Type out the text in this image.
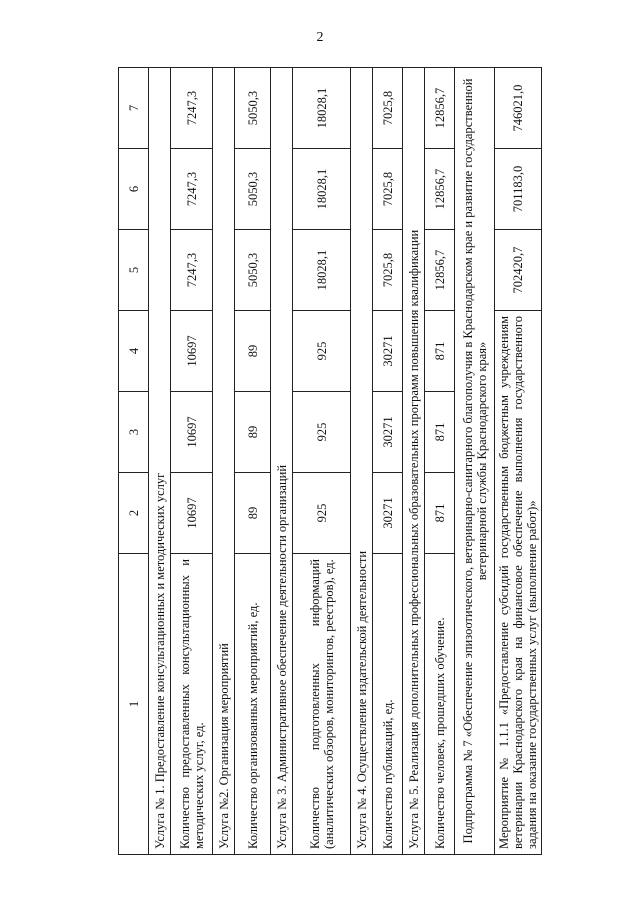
2
1	2	3	4	5	6	7
Услуга № 1. Предоставление консультационных и методических услуг						
Количество предоставленных консультационных и методических услуг, ед.	10697	10697	10697	7247,3	7247,3	7247,3
Услуга №2. Организация мероприятий						
Количество организованных мероприятий, ед.	89	89	89	5050,3	5050,3	5050,3
Услуга № 3. Административное обеспечение деятельности организаций						
Количество подготовленных информаций (аналитических обзоров, мониторингов, реестров), ед.	925	925	925	18028,1	18028,1	18028,1
Услуга № 4. Осуществление издательской деятельности						
Количество публикаций, ед.	30271	30271	30271	7025,8	7025,8	7025,8
Услуга № 5. Реализация дополнительных профессиональных образовательных программ повышения квалификации						
Количество человек, прошедших обучение.	871	871	871	12856,7	12856,7	12856,7
Подпрограмма № 7 «Обеспечение эпизоотического, ветеринарно-санитарного благополучия в Краснодарском крае и развитие государственной ветеринарной службы Краснодарского края»						
Мероприятие № 1.1.1 «Предоставление субсидий государственным бюджетным учреждениям ветеринарии Краснодарского края на финансовое обеспечение выполнения государственного задания на оказание государственных услуг (выполнение работ)»				702420,7	701183,0	746021,0
